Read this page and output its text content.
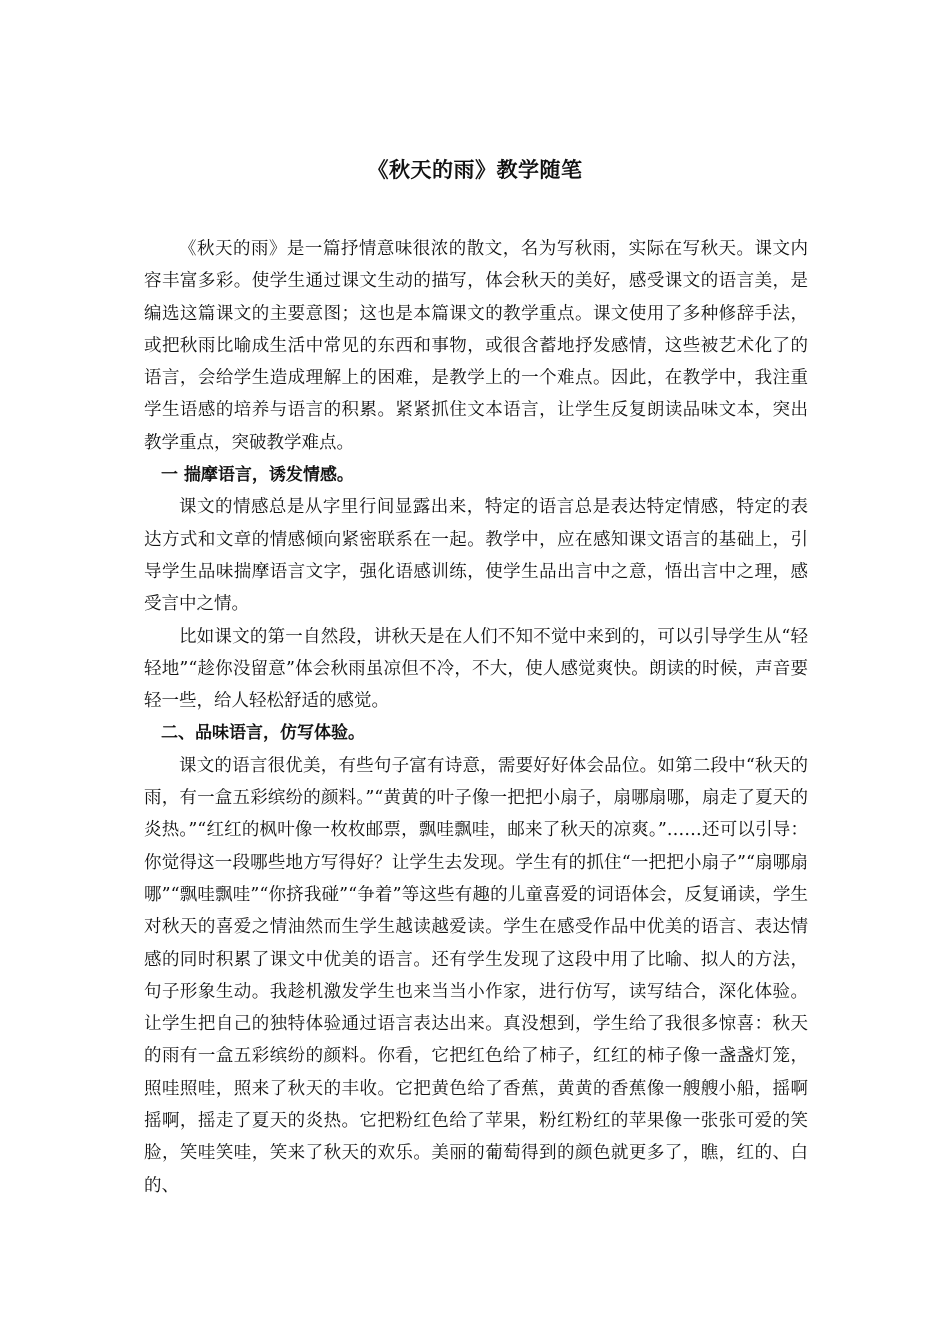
《秋天的雨》教学随笔

《秋天的雨》是一篇抒情意味很浓的散文，名为写秋雨，实际在写秋天。课文内容丰富多彩。使学生通过课文生动的描写，体会秋天的美好，感受课文的语言美，是编选这篇课文的主要意图；这也是本篇课文的教学重点。课文使用了多种修辞手法，或把秋雨比喻成生活中常见的东西和事物，或很含蓄地抒发感情，这些被艺术化了的语言，会给学生造成理解上的困难，是教学上的一个难点。因此，在教学中，我注重学生语感的培养与语言的积累。紧紧抓住文本语言，让学生反复朗读品味文本，突出教学重点，突破教学难点。

一 揣摩语言，诱发情感。

课文的情感总是从字里行间显露出来，特定的语言总是表达特定情感，特定的表达方式和文章的情感倾向紧密联系在一起。教学中，应在感知课文语言的基础上，引导学生品味揣摩语言文字，强化语感训练，使学生品出言中之意，悟出言中之理，感受言中之情。

比如课文的第一自然段，讲秋天是在人们不知不觉中来到的，可以引导学生从“轻轻地”“趁你没留意”体会秋雨虽凉但不冷，不大，使人感觉爽快。朗读的时候，声音要轻一些，给人轻松舒适的感觉。

二、品味语言，仿写体验。

课文的语言很优美，有些句子富有诗意，需要好好体会品位。如第二段中“秋天的雨，有一盒五彩缤纷的颜料。”“黄黄的叶子像一把把小扇子，扇哪扇哪，扇走了夏天的炎热。”“红红的枫叶像一枚枚邮票，飘哇飘哇，邮来了秋天的凉爽。”……还可以引导：你觉得这一段哪些地方写得好？让学生去发现。学生有的抓住“一把把小扇子”“扇哪扇哪”“飘哇飘哇”“你挤我碰”“争着”等这些有趣的儿童喜爱的词语体会，反复诵读，学生对秋天的喜爱之情油然而生学生越读越爱读。学生在感受作品中优美的语言、表达情感的同时积累了课文中优美的语言。还有学生发现了这段中用了比喻、拟人的方法，句子形象生动。我趁机激发学生也来当当小作家，进行仿写，读写结合，深化体验。让学生把自己的独特体验通过语言表达出来。真没想到，学生给了我很多惊喜：秋天的雨有一盒五彩缤纷的颜料。你看，它把红色给了柿子，红红的柿子像一盏盏灯笼，照哇照哇，照来了秋天的丰收。它把黄色给了香蕉，黄黄的香蕉像一艘艘小船，摇啊摇啊，摇走了夏天的炎热。它把粉红色给了苹果，粉红粉红的苹果像一张张可爱的笑脸，笑哇笑哇，笑来了秋天的欢乐。美丽的葡萄得到的颜色就更多了，瞧，红的、白的、
